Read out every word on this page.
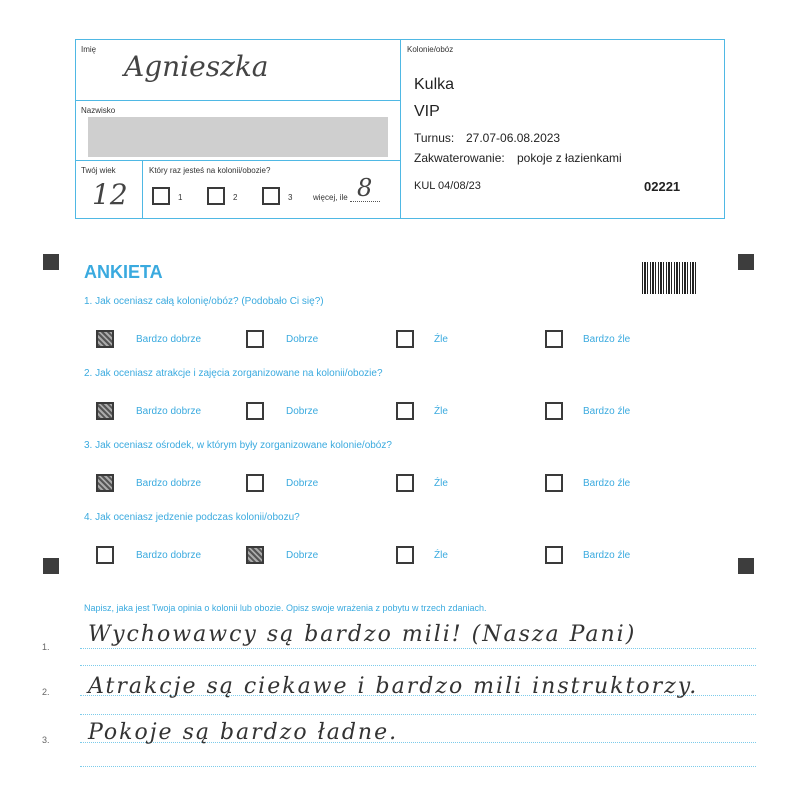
Imię
Agnieszka
Nazwisko
Twój wiek
12
Który raz jesteś na kolonii/obozie?
1	2	3	więcej, ile 8
Kolonie/obóz
Kulka
VIP
Turnus: 27.07-06.08.2023
Zakwaterowanie: pokoje z łazienkami
KUL 04/08/23	02221
ANKIETA
1. Jak oceniasz całą kolonię/obóz? (Podobało Ci się?)
Bardzo dobrze	Dobrze	Źle	Bardzo źle
2. Jak oceniasz atrakcje i zajęcia zorganizowane na kolonii/obozie?
Bardzo dobrze	Dobrze	Źle	Bardzo źle
3. Jak oceniasz ośrodek, w którym były zorganizowane kolonie/obóz?
Bardzo dobrze	Dobrze	Źle	Bardzo źle
4. Jak oceniasz jedzenie podczas kolonii/obozu?
Bardzo dobrze	Dobrze	Źle	Bardzo źle
Napisz, jaka jest Twoja opinia o kolonii lub obozie. Opisz swoje wrażenia z pobytu w trzech zdaniach.
1.
2.
3.
Wychowawcy są bardzo mili! (Nasza Pani)
Atrakcje są ciekawe i bardzo mili instruktorzy.
Pokoje są bardzo ładne.
